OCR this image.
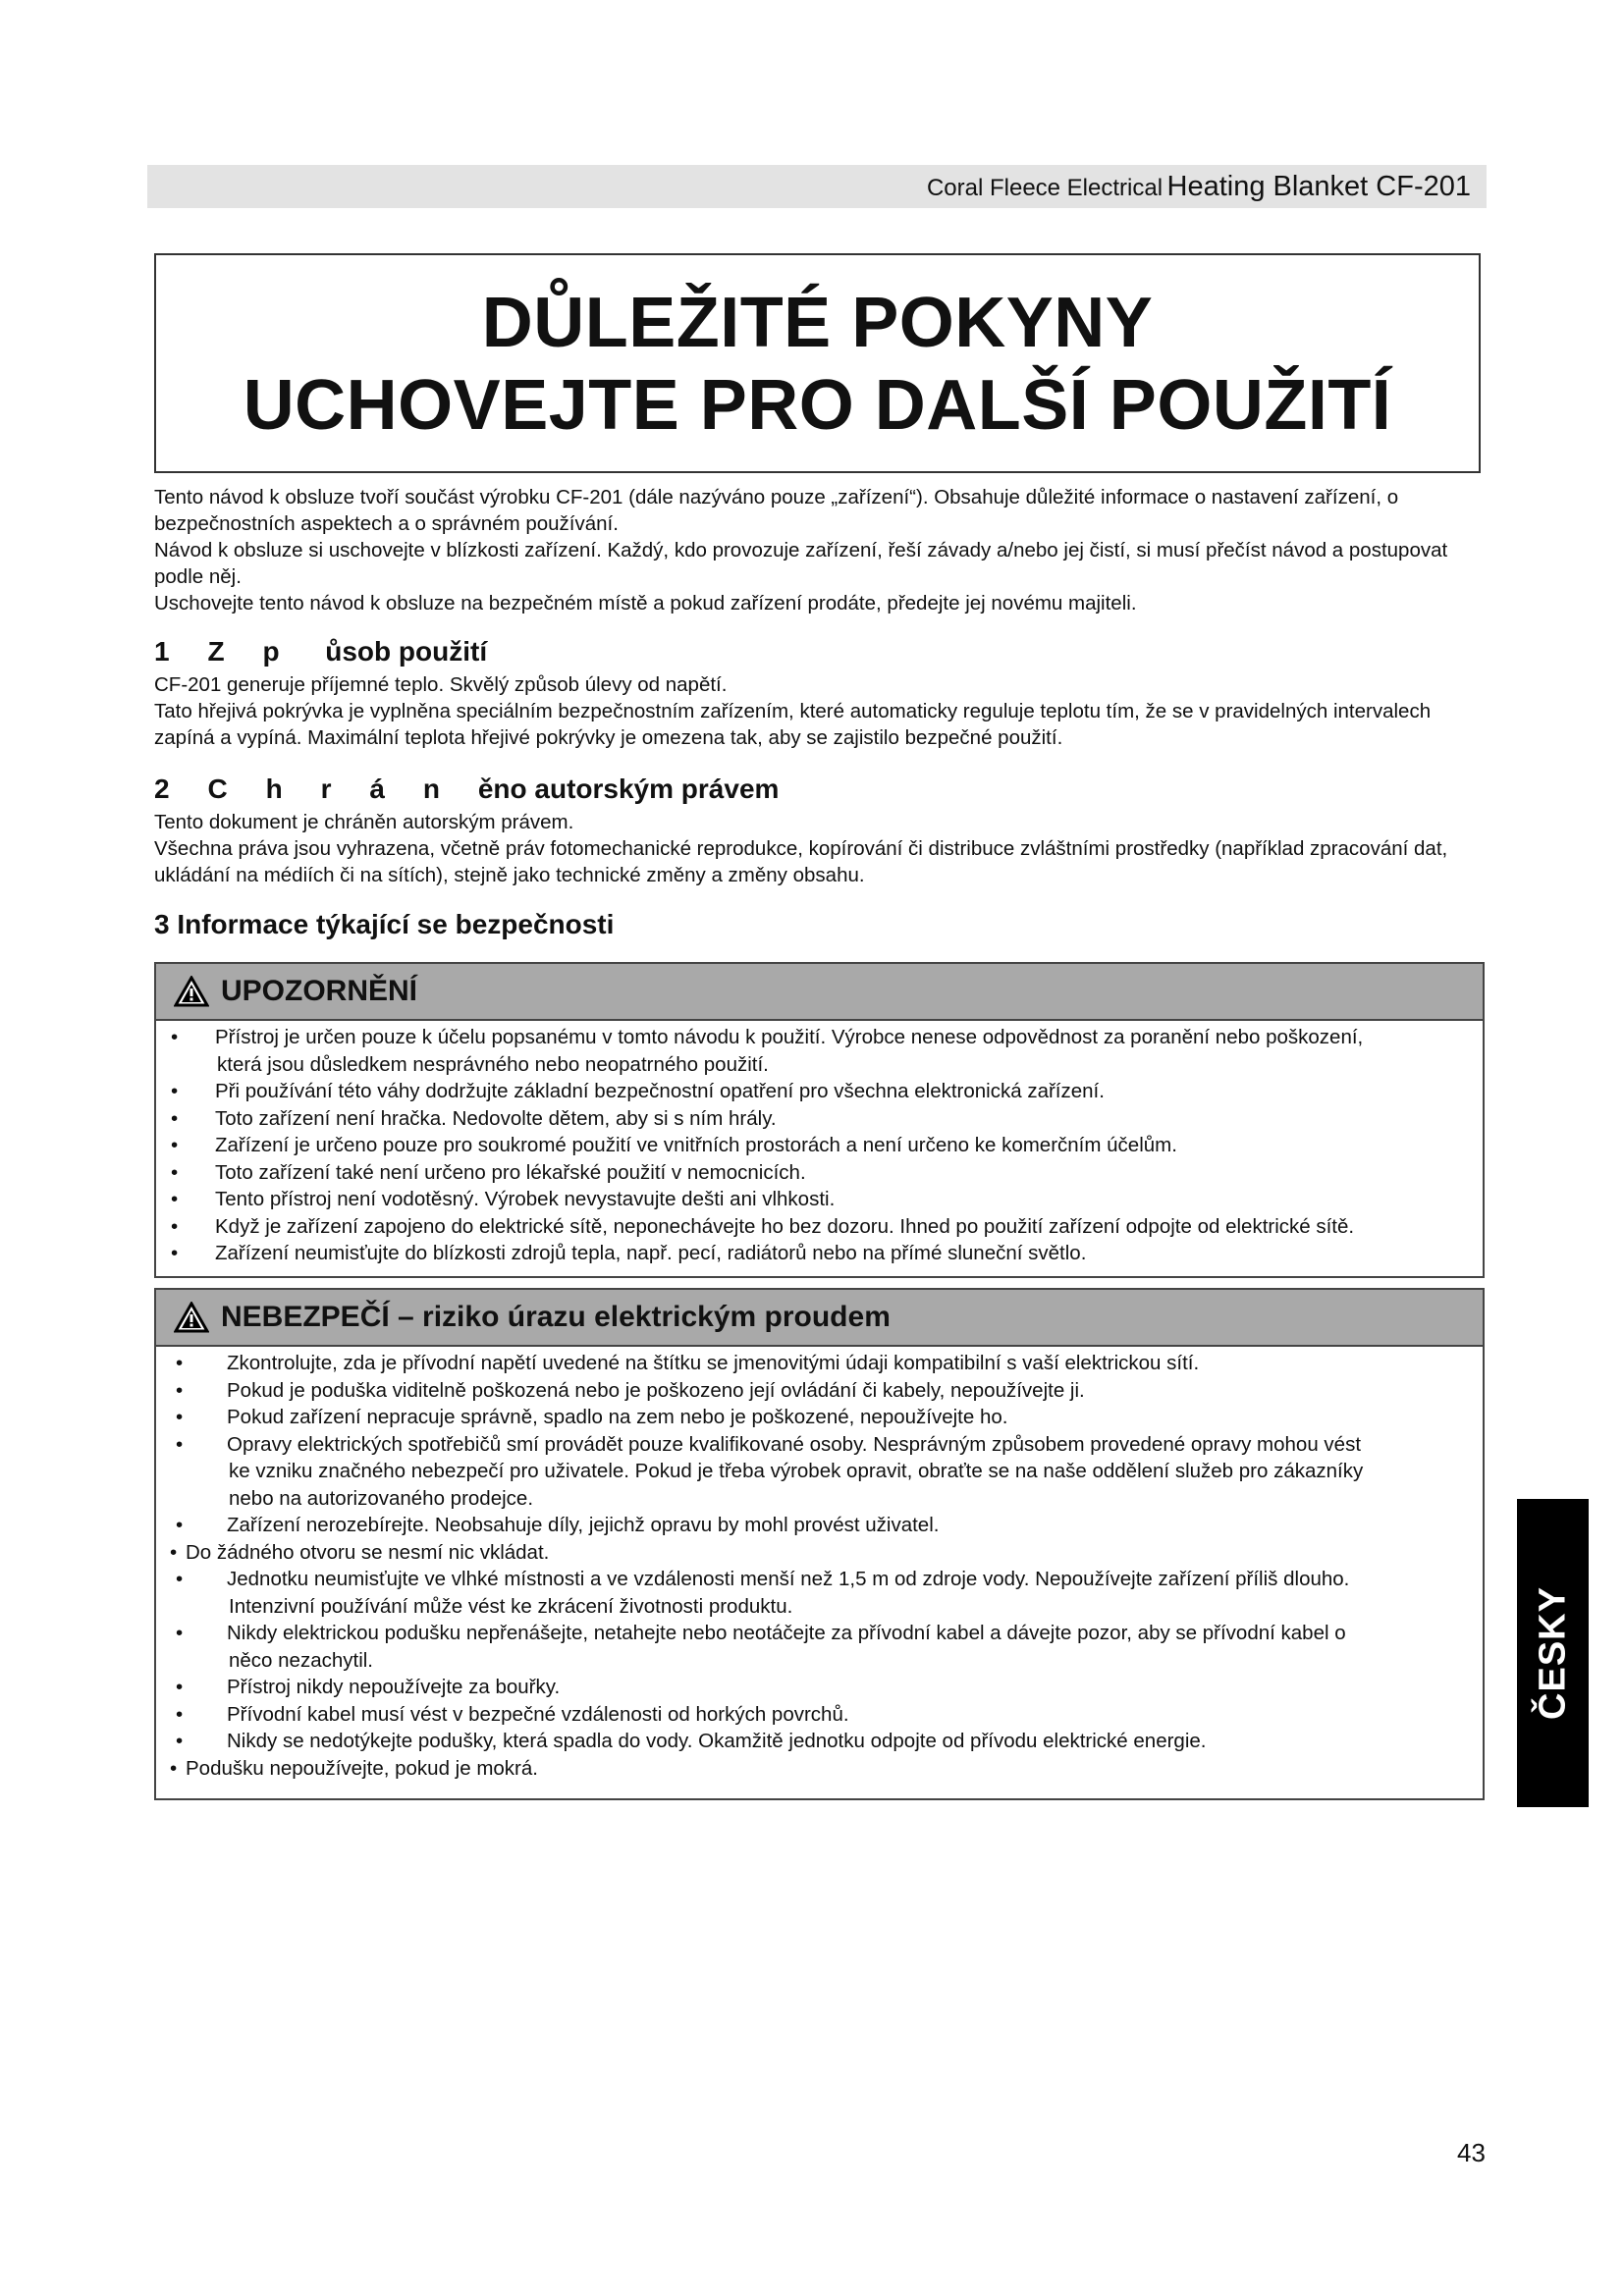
Coral Fleece Electrical Heating Blanket CF-201
DŮLEŽITÉ POKYNY
UCHOVEJTE PRO DALŠÍ POUŽITÍ

Tento návod k obsluze tvoří součást výrobku CF-201 (dále nazýváno pouze „zařízení“). Obsahuje důležité informace o nastavení zařízení, o bezpečnostních aspektech a o správném používání.

Návod k obsluze si uschovejte v blízkosti zařízení. Každý, kdo provozuje zařízení, řeší závady a/nebo jej čistí, si musí přečíst návod a postupovat podle něj.

Uschovejte tento návod k obsluze na bezpečném místě a pokud zařízení prodáte, předejte jej novému majiteli.

1     Z     p      ůsob použití

CF-201 generuje příjemné teplo. Skvělý způsob úlevy od napětí.

Tato hřejivá pokrývka je vyplněna speciálním bezpečnostním zařízením, které automaticky reguluje teplotu tím, že se v pravidelných intervalech zapíná a vypíná. Maximální teplota hřejivé pokrývky je omezena tak, aby se zajistilo bezpečné použití.

2     C     h     r     á     n     ěno autorským právem

Tento dokument je chráněn autorským právem.

Všechna práva jsou vyhrazena, včetně práv fotomechanické reprodukce, kopírování či distribuce zvláštními prostředky (například zpracování dat, ukládání na médiích či na sítích), stejně jako technické změny a změny obsahu.

3 Informace týkající se bezpečnosti
UPOZORNĚNÍ
• Přístroj je určen pouze k účelu popsanému v tomto návodu k použití. Výrobce nenese odpovědnost za poranění nebo poškození,
která jsou důsledkem nesprávného nebo neopatrného použití.
• Při používání této váhy dodržujte základní bezpečnostní opatření pro všechna elektronická zařízení.
• Toto zařízení není hračka. Nedovolte dětem, aby si s ním hrály.
• Zařízení je určeno pouze pro soukromé použití ve vnitřních prostorách a není určeno ke komerčním účelům.
• Toto zařízení také není určeno pro lékařské použití v nemocnicích.
• Tento přístroj není vodotěsný. Výrobek nevystavujte dešti ani vlhkosti.
• Když je zařízení zapojeno do elektrické sítě, neponechávejte ho bez dozoru. Ihned po použití zařízení odpojte od elektrické sítě.
• Zařízení neumisťujte do blízkosti zdrojů tepla, např. pecí, radiátorů nebo na přímé sluneční světlo.
NEBEZPEČÍ – riziko úrazu elektrickým proudem
• Zkontrolujte, zda je přívodní napětí uvedené na štítku se jmenovitými údaji kompatibilní s vaší elektrickou sítí.
• Pokud je poduška viditelně poškozená nebo je poškozeno její ovládání či kabely, nepoužívejte ji.
• Pokud zařízení nepracuje správně, spadlo na zem nebo je poškozené, nepoužívejte ho.
• Opravy elektrických spotřebičů smí provádět pouze kvalifikované osoby. Nesprávným způsobem provedené opravy mohou vést
ke vzniku značného nebezpečí pro uživatele. Pokud je třeba výrobek opravit, obraťte se na naše oddělení služeb pro zákazníky
nebo na autorizovaného prodejce.
• Zařízení nerozebírejte. Neobsahuje díly, jejichž opravu by mohl provést uživatel.
• Do žádného otvoru se nesmí nic vkládat.
• Jednotku neumisťujte ve vlhké místnosti a ve vzdálenosti menší než 1,5 m od zdroje vody. Nepoužívejte zařízení příliš dlouho.
Intenzivní používání může vést ke zkrácení životnosti produktu.
• Nikdy elektrickou podušku nepřenášejte, netahejte nebo neotáčejte za přívodní kabel a dávejte pozor, aby se přívodní kabel o
něco nezachytil.
• Přístroj nikdy nepoužívejte za bouřky.
• Přívodní kabel musí vést v bezpečné vzdálenosti od horkých povrchů.
• Nikdy se nedotýkejte podušky, která spadla do vody. Okamžitě jednotku odpojte od přívodu elektrické energie.
• Podušku nepoužívejte, pokud je mokrá.
ČESKY
43
